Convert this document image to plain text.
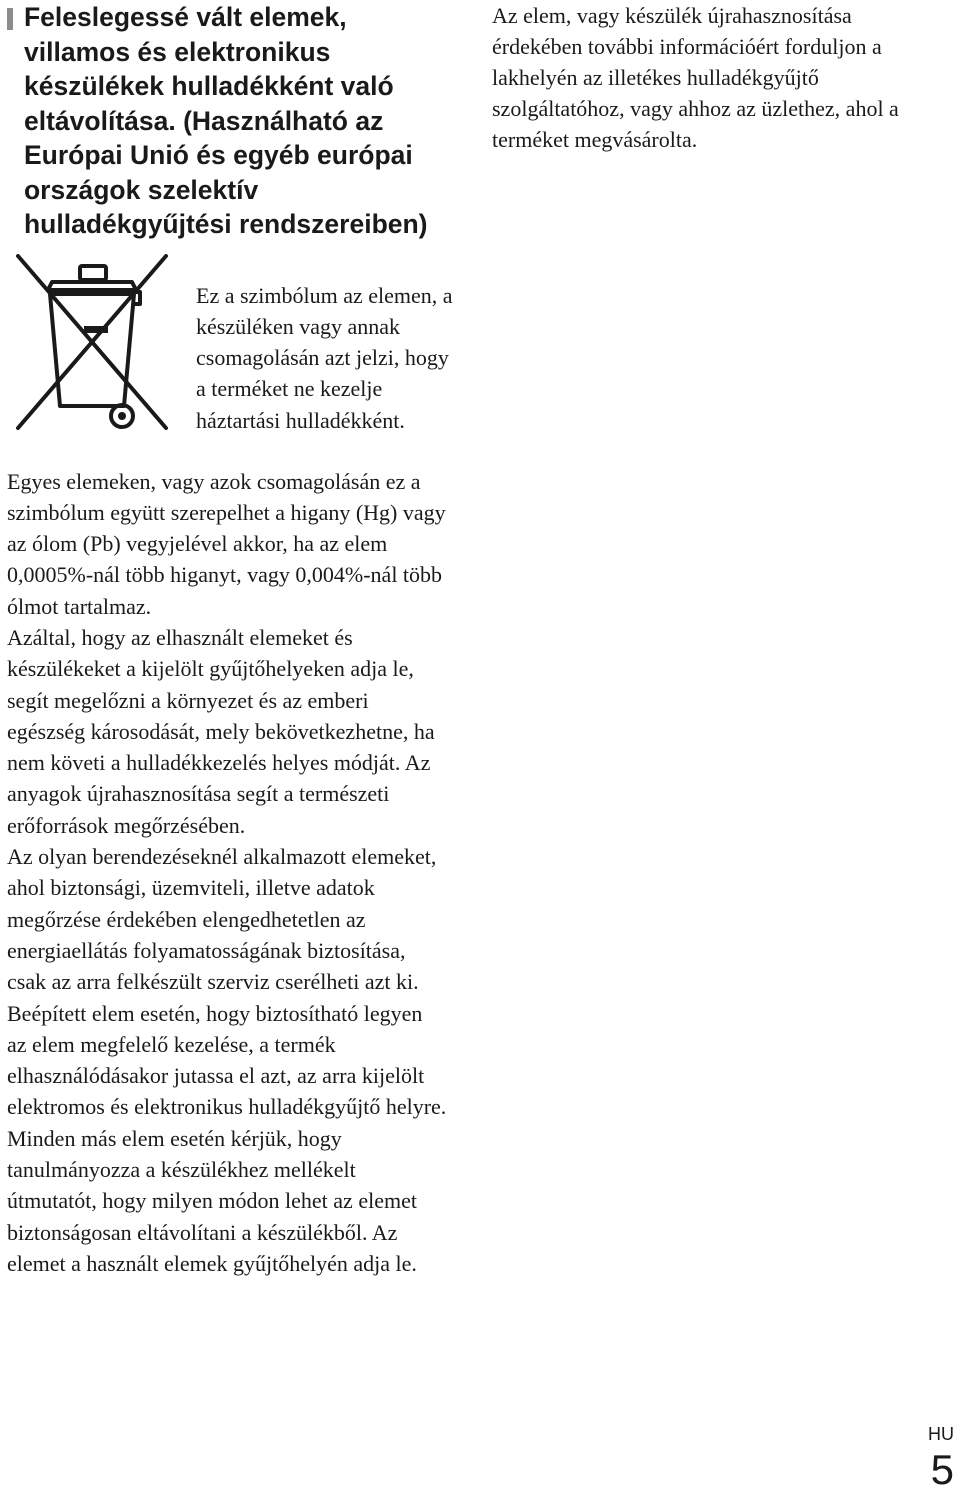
Feleslegessé vált elemek, villamos és elektronikus készülékek hulladékként való eltávolítása. (Használható az Európai Unió és egyéb európai országok szelektív hulladékgyűjtési rendszereiben)

Ez a szimbólum az elemen, a készüléken vagy annak csomagolásán azt jelzi, hogy a terméket ne kezelje háztartási hulladékként.

Egyes elemeken, vagy azok csomagolásán ez a szimbólum együtt szerepelhet a higany (Hg) vagy az ólom (Pb) vegyjelével akkor, ha az elem 0,0005%-nál több higanyt, vagy 0,004%-nál több ólmot tartalmaz.

Azáltal, hogy az elhasznált elemeket és készülékeket a kijelölt gyűjtőhelyeken adja le, segít megelőzni a környezet és az emberi egészség károsodását, mely bekövetkezhetne, ha nem követi a hulladékkezelés helyes módját. Az anyagok újrahasznosítása segít a természeti erőforrások megőrzésében.

Az olyan berendezéseknél alkalmazott elemeket, ahol biztonsági, üzemviteli, illetve adatok megőrzése érdekében elengedhetetlen az energiaellátás folyamatosságának biztosítása, csak az arra felkészült szerviz cserélheti azt ki.

Beépített elem esetén, hogy biztosítható legyen az elem megfelelő kezelése, a termék elhasználódásakor jutassa el azt, az arra kijelölt elektromos és elektronikus hulladékgyűjtő helyre.

Minden más elem esetén kérjük, hogy tanulmányozza a készülékhez mellékelt útmutatót, hogy milyen módon lehet az elemet biztonságosan eltávolítani a készülékből. Az elemet a használt elemek gyűjtőhelyén adja le.

Az elem, vagy készülék újrahasznosítása érdekében további információért forduljon a lakhelyén az illetékes hulladékgyűjtő szolgáltatóhoz, vagy ahhoz az üzlethez, ahol a terméket megvásárolta.

HU
5
